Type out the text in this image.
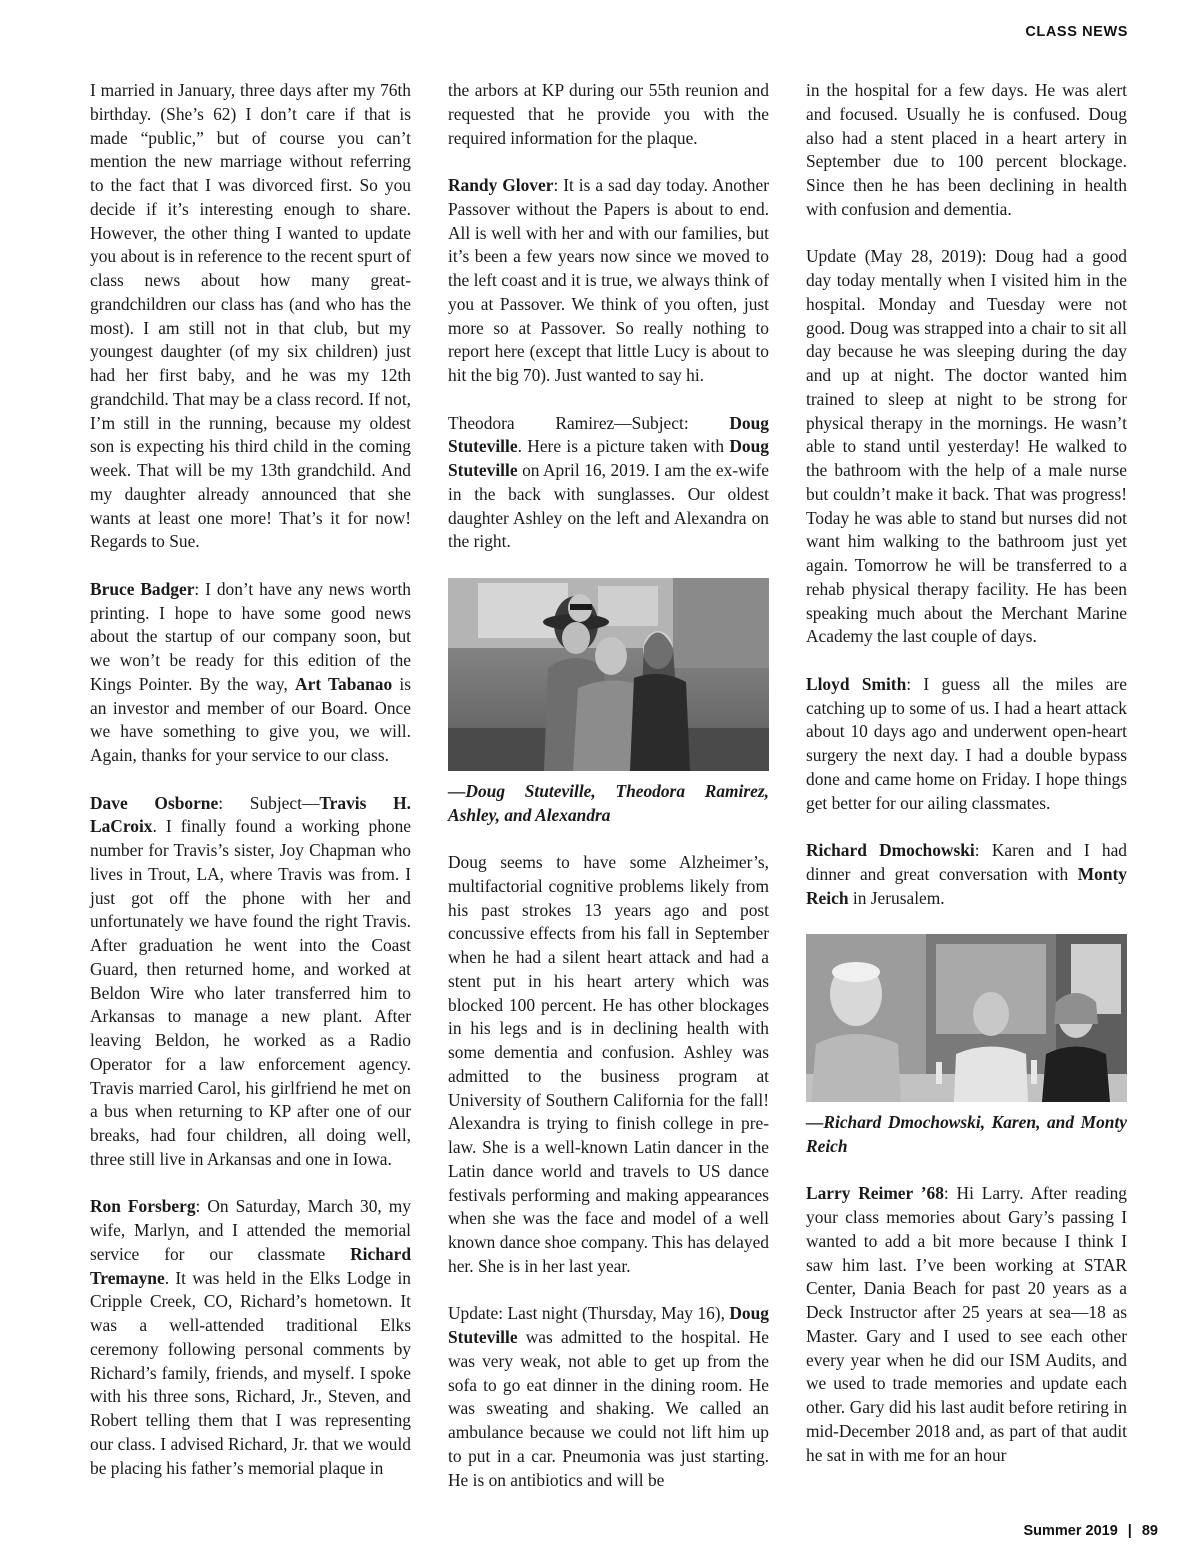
CLASS NEWS

I married in January, three days after my 76th birthday. (She’s 62) I don’t care if that is made “public,” but of course you can’t mention the new marriage without referring to the fact that I was divorced first. So you decide if it’s interesting enough to share. However, the other thing I wanted to update you about is in reference to the recent spurt of class news about how many great-grandchildren our class has (and who has the most). I am still not in that club, but my youngest daughter (of my six children) just had her first baby, and he was my 12th grandchild. That may be a class record. If not, I’m still in the running, because my oldest son is expecting his third child in the coming week. That will be my 13th grandchild. And my daughter already announced that she wants at least one more! That’s it for now! Regards to Sue.

Bruce Badger: I don’t have any news worth printing. I hope to have some good news about the startup of our company soon, but we won’t be ready for this edition of the Kings Pointer. By the way, Art Tabanao is an investor and member of our Board. Once we have something to give you, we will. Again, thanks for your service to our class.

Dave Osborne: Subject—Travis H. LaCroix. I finally found a working phone number for Travis’s sister, Joy Chapman who lives in Trout, LA, where Travis was from. I just got off the phone with her and unfortunately we have found the right Travis. After graduation he went into the Coast Guard, then returned home, and worked at Beldon Wire who later transferred him to Arkansas to manage a new plant. After leaving Beldon, he worked as a Radio Operator for a law enforcement agency. Travis married Carol, his girlfriend he met on a bus when returning to KP after one of our breaks, had four children, all doing well, three still live in Arkansas and one in Iowa.

Ron Forsberg: On Saturday, March 30, my wife, Marlyn, and I attended the memorial service for our classmate Richard Tremayne. It was held in the Elks Lodge in Cripple Creek, CO, Richard’s hometown. It was a well-attended traditional Elks ceremony following personal comments by Richard’s family, friends, and myself. I spoke with his three sons, Richard, Jr., Steven, and Robert telling them that I was representing our class. I advised Richard, Jr. that we would be placing his father’s memorial plaque in

the arbors at KP during our 55th reunion and requested that he provide you with the required information for the plaque.

Randy Glover: It is a sad day today. Another Passover without the Papers is about to end. All is well with her and with our families, but it’s been a few years now since we moved to the left coast and it is true, we always think of you at Passover. We think of you often, just more so at Passover. So really nothing to report here (except that little Lucy is about to hit the big 70). Just wanted to say hi.

Theodora Ramirez—Subject: Doug Stuteville. Here is a picture taken with Doug Stuteville on April 16, 2019. I am the ex-wife in the back with sunglasses. Our oldest daughter Ashley on the left and Alexandra on the right.

—Doug Stuteville, Theodora Ramirez, Ashley, and Alexandra

Doug seems to have some Alzheimer’s, multifactorial cognitive problems likely from his past strokes 13 years ago and post concussive effects from his fall in September when he had a silent heart attack and had a stent put in his heart artery which was blocked 100 percent. He has other blockages in his legs and is in declining health with some dementia and confusion. Ashley was admitted to the business program at University of Southern California for the fall! Alexandra is trying to finish college in pre-law. She is a well-known Latin dancer in the Latin dance world and travels to US dance festivals performing and making appearances when she was the face and model of a well known dance shoe company. This has delayed her. She is in her last year.

Update: Last night (Thursday, May 16), Doug Stuteville was admitted to the hospital. He was very weak, not able to get up from the sofa to go eat dinner in the dining room. He was sweating and shaking. We called an ambulance because we could not lift him up to put in a car. Pneumonia was just starting. He is on antibiotics and will be

in the hospital for a few days. He was alert and focused. Usually he is confused. Doug also had a stent placed in a heart artery in September due to 100 percent blockage. Since then he has been declining in health with confusion and dementia.

Update (May 28, 2019): Doug had a good day today mentally when I visited him in the hospital. Monday and Tuesday were not good. Doug was strapped into a chair to sit all day because he was sleeping during the day and up at night. The doctor wanted him trained to sleep at night to be strong for physical therapy in the mornings. He wasn’t able to stand until yesterday! He walked to the bathroom with the help of a male nurse but couldn’t make it back. That was progress! Today he was able to stand but nurses did not want him walking to the bathroom just yet again. Tomorrow he will be transferred to a rehab physical therapy facility. He has been speaking much about the Merchant Marine Academy the last couple of days.

Lloyd Smith: I guess all the miles are catching up to some of us. I had a heart attack about 10 days ago and underwent open-heart surgery the next day. I had a double bypass done and came home on Friday. I hope things get better for our ailing classmates.

Richard Dmochowski: Karen and I had dinner and great conversation with Monty Reich in Jerusalem.

—Richard Dmochowski, Karen, and Monty Reich

Larry Reimer ’68: Hi Larry. After reading your class memories about Gary’s passing I wanted to add a bit more because I think I saw him last. I’ve been working at STAR Center, Dania Beach for past 20 years as a Deck Instructor after 25 years at sea—18 as Master. Gary and I used to see each other every year when he did our ISM Audits, and we used to trade memories and update each other. Gary did his last audit before retiring in mid-December 2018 and, as part of that audit he sat in with me for an hour

Summer 2019 | 89
